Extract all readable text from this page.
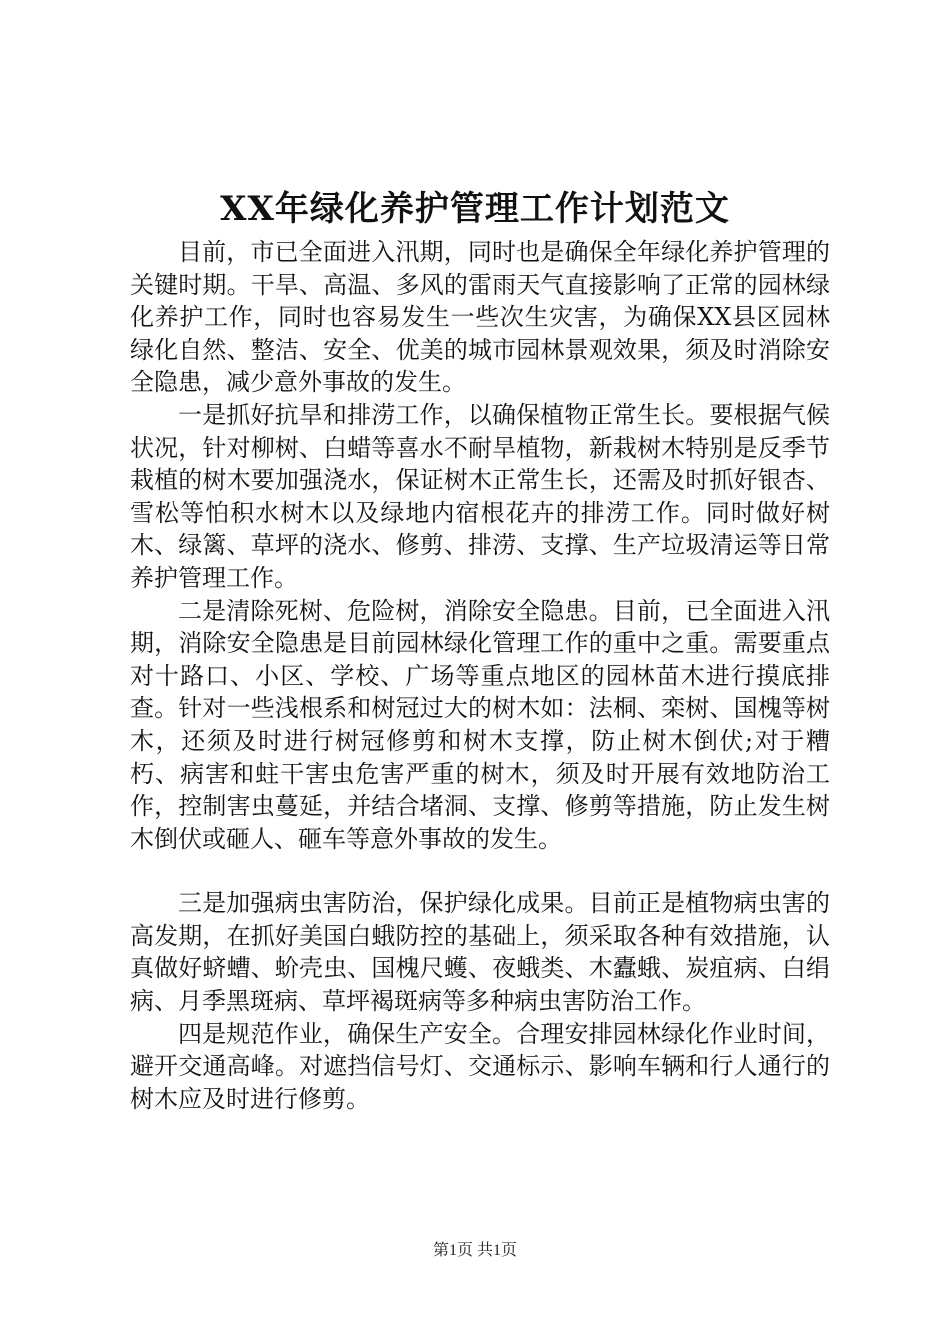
XX年绿化养护管理工作计划范文

目前，市已全面进入汛期，同时也是确保全年绿化养护管理的关键时期。干旱、高温、多风的雷雨天气直接影响了正常的园林绿化养护工作，同时也容易发生一些次生灾害，为确保XX县区园林绿化自然、整洁、安全、优美的城市园林景观效果，须及时消除安全隐患，减少意外事故的发生。

一是抓好抗旱和排涝工作，以确保植物正常生长。要根据气候状况，针对柳树、白蜡等喜水不耐旱植物，新栽树木特别是反季节栽植的树木要加强浇水，保证树木正常生长，还需及时抓好银杏、雪松等怕积水树木以及绿地内宿根花卉的排涝工作。同时做好树木、绿篱、草坪的浇水、修剪、排涝、支撑、生产垃圾清运等日常养护管理工作。

二是清除死树、危险树，消除安全隐患。目前，已全面进入汛期，消除安全隐患是目前园林绿化管理工作的重中之重。需要重点对十路口、小区、学校、广场等重点地区的园林苗木进行摸底排查。针对一些浅根系和树冠过大的树木如：法桐、栾树、国槐等树木，还须及时进行树冠修剪和树木支撑，防止树木倒伏;对于糟朽、病害和蛀干害虫危害严重的树木，须及时开展有效地防治工作，控制害虫蔓延，并结合堵洞、支撑、修剪等措施，防止发生树木倒伏或砸人、砸车等意外事故的发生。

三是加强病虫害防治，保护绿化成果。目前正是植物病虫害的高发期，在抓好美国白蛾防控的基础上，须采取各种有效措施，认真做好蛴螬、蚧壳虫、国槐尺蠖、夜蛾类、木蠹蛾、炭疽病、白绢病、月季黑斑病、草坪褐斑病等多种病虫害防治工作。

四是规范作业，确保生产安全。合理安排园林绿化作业时间，避开交通高峰。对遮挡信号灯、交通标示、影响车辆和行人通行的树木应及时进行修剪。

第1页 共1页
